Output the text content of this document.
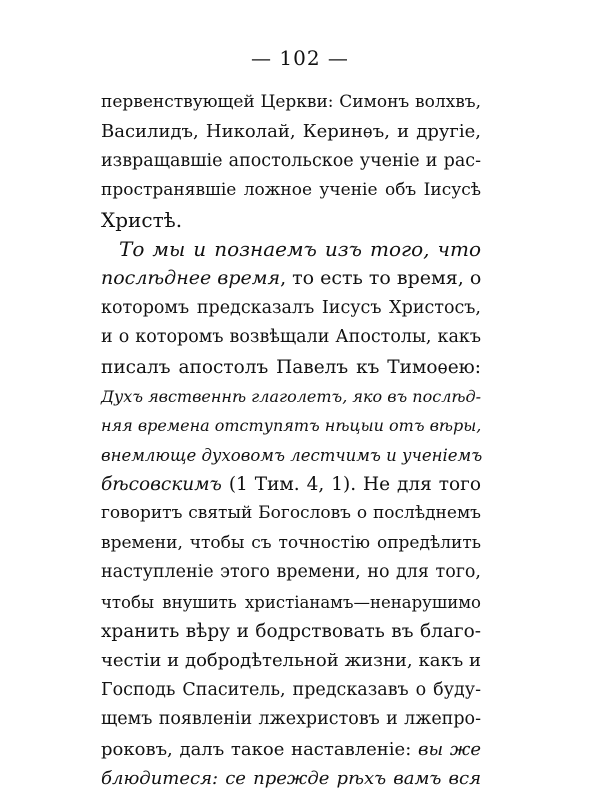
— 102 —
первенствующей Церкви: Симонъ волхвъ,
Василидъ, Николай, Керинѳъ, и другіе,
извращавшіе апостольское ученіе и рас-
пространявшіе ложное ученіе объ Іисусѣ
Христѣ.
То мы и познаемъ изъ того, что
послѣднее время, то есть то время, о
которомъ предсказалъ Іисусъ Христосъ,
и о которомъ возвѣщали Апостолы, какъ
писалъ апостолъ Павелъ къ Тимоѳею:
Духъ явственнѣ глаголетъ, яко въ послѣд-
няя времена отступятъ нѣцыи отъ вѣры,
внемлюще духовомъ лестчимъ и ученіемъ
бѣсовскимъ (1 Тим. 4, 1). Не для того
говоритъ святый Богословъ о послѣднемъ
времени, чтобы съ точностію опредѣлить
наступленіе этого времени, но для того,
чтобы внушить христіанамъ—ненарушимо
хранить вѣру и бодрствовать въ благо-
честіи и добродѣтельной жизни, какъ и
Господь Спаситель, предсказавъ о буду-
щемъ появленіи лжехристовъ и лжепро-
роковъ, далъ такое наставленіе: вы же
блюдитеся: се прежде рѣхъ вамъ вся
